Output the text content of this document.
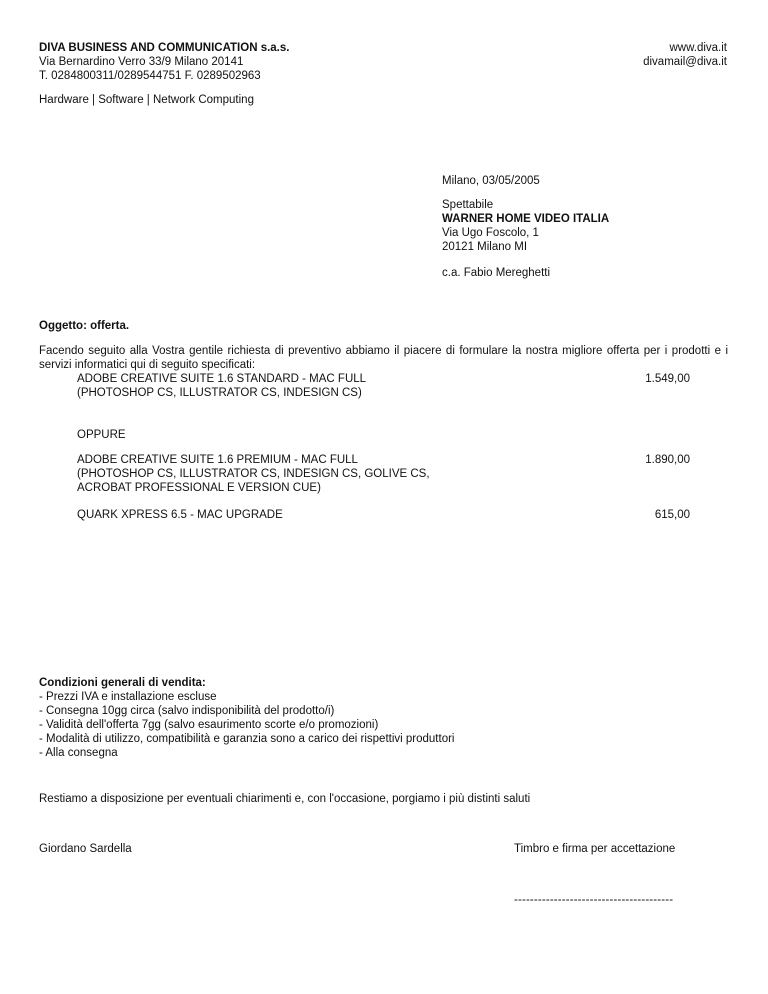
DIVA BUSINESS AND COMMUNICATION s.a.s.
Via Bernardino Verro 33/9 Milano 20141
T. 0284800311/0289544751 F. 0289502963
www.diva.it
divamail@diva.it
Hardware | Software | Network Computing
Milano, 03/05/2005
Spettabile
WARNER HOME VIDEO ITALIA
Via Ugo Foscolo, 1
20121 Milano MI
c.a. Fabio Mereghetti
Oggetto: offerta.
Facendo seguito alla Vostra gentile richiesta di preventivo abbiamo il piacere di formulare la nostra migliore offerta per i prodotti e i servizi informatici qui di seguito specificati:
ADOBE CREATIVE SUITE 1.6 STANDARD - MAC FULL
(PHOTOSHOP CS, ILLUSTRATOR CS, INDESIGN CS)
1.549,00
OPPURE
ADOBE CREATIVE SUITE 1.6 PREMIUM - MAC FULL
(PHOTOSHOP CS, ILLUSTRATOR CS, INDESIGN CS, GOLIVE CS,
ACROBAT PROFESSIONAL E VERSION CUE)
1.890,00
QUARK XPRESS 6.5 - MAC UPGRADE	615,00
Condizioni generali di vendita:
- Prezzi IVA e installazione escluse
- Consegna 10gg circa (salvo indisponibilità del prodotto/i)
- Validità dell'offerta 7gg (salvo esaurimento scorte e/o promozioni)
- Modalità di utilizzo, compatibilità e garanzia sono a carico dei rispettivi produttori
- Alla consegna
Restiamo a disposizione per eventuali chiarimenti e, con l'occasione, porgiamo i più distinti saluti
Giordano Sardella	Timbro e firma per accettazione
----------------------------------------
